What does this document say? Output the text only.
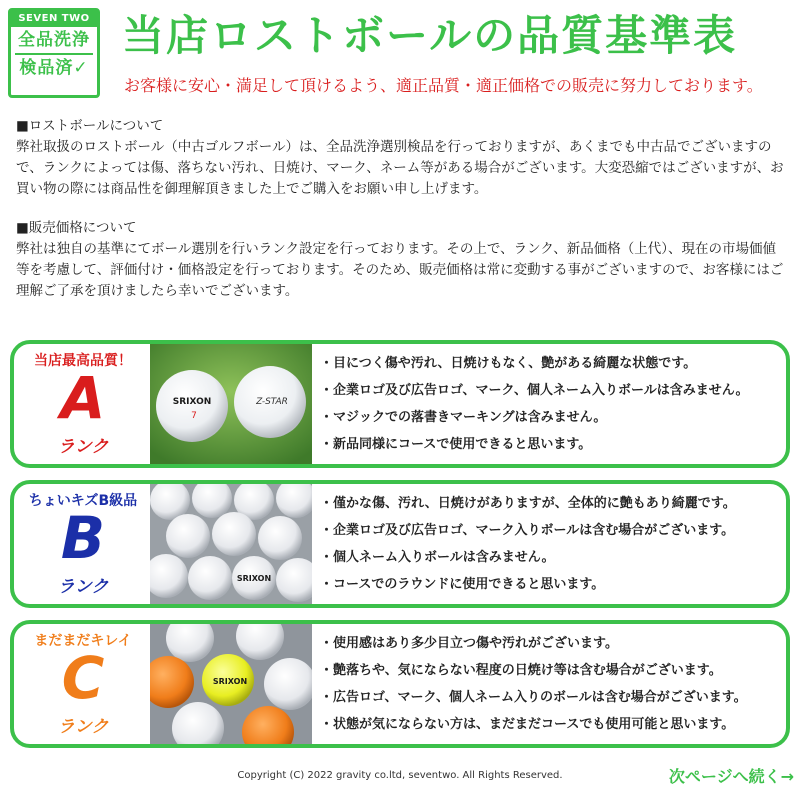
SEVEN TWO
全品洗浄
検品済✓
当店ロストボールの品質基準表
お客様に安心・満足して頂けるよう、適正品質・適正価格での販売に努力しております。
■ロストボールについて

弊社取扱のロストボール（中古ゴルフボール）は、全品洗浄選別検品を行っておりますが、あくまでも中古品でございますので、ランクによっては傷、落ちない汚れ、日焼け、マーク、ネーム等がある場合がございます。大変恐縮ではございますが、お買い物の際には商品性を御理解頂きました上でご購入をお願い申し上げます。

■販売価格について

弊社は独自の基準にてボール選別を行いランク設定を行っております。その上で、ランク、新品価格（上代）、現在の市場価値等を考慮して、評価付け・価格設定を行っております。そのため、販売価格は常に変動する事がございますので、お客様にはご理解ご了承を頂けましたら幸いでございます。

当店最高品質！
A
ランク
SRIXON
7
Z-STAR
・目につく傷や汚れ、日焼けもなく、艶がある綺麗な状態です。
・企業ロゴ及び広告ロゴ、マーク、個人ネーム入りボールは含みません。
・マジックでの落書きマーキングは含みません。
・新品同様にコースで使用できると思います。
ちょいキズB級品
B
ランク	SRIXON
・僅かな傷、汚れ、日焼けがありますが、全体的に艶もあり綺麗です。
・企業ロゴ及び広告ロゴ、マーク入りボールは含む場合がございます。
・個人ネーム入りボールは含みません。
・コースでのラウンドに使用できると思います。
まだまだキレイ
C
ランク
SRIXON
・使用感はあり多少目立つ傷や汚れがございます。
・艶落ちや、気にならない程度の日焼け等は含む場合がございます。
・広告ロゴ、マーク、個人ネーム入りのボールは含む場合がございます。
・状態が気にならない方は、まだまだコースでも使用可能と思います。
Copyright (C) 2022 gravity co.ltd, seventwo. All Rights Reserved.	次ページへ続く→
